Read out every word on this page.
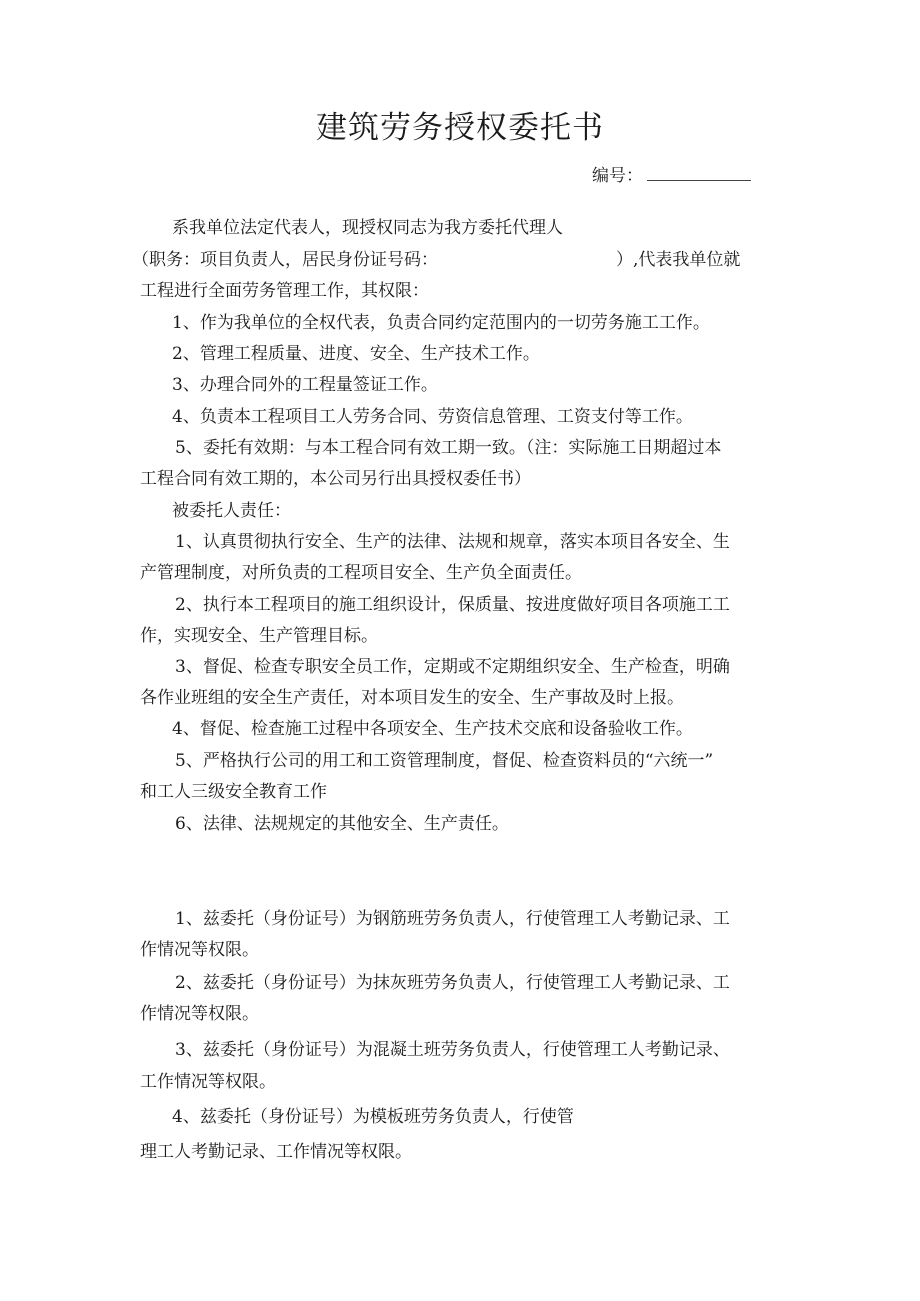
建筑劳务授权委托书
编号：
系我单位法定代表人，现授权同志为我方委托代理人
（职务：项目负责人，居民身份证号码：	）,代表我单位就
工程进行全面劳务管理工作，其权限：
1、作为我单位的全权代表，负责合同约定范围内的一切劳务施工工作。
2、管理工程质量、进度、安全、生产技术工作。
3、办理合同外的工程量签证工作。
4、负责本工程项目工人劳务合同、劳资信息管理、工资支付等工作。
5、委托有效期：与本工程合同有效工期一致。（注：实际施工日期超过本
工程合同有效工期的，本公司另行出具授权委任书）
被委托人责任：
1、认真贯彻执行安全、生产的法律、法规和规章，落实本项目各安全、生
产管理制度，对所负责的工程项目安全、生产负全面责任。
2、执行本工程项目的施工组织设计，保质量、按进度做好项目各项施工工
作，实现安全、生产管理目标。
3、督促、检查专职安全员工作，定期或不定期组织安全、生产检查，明确
各作业班组的安全生产责任，对本项目发生的安全、生产事故及时上报。
4、督促、检查施工过程中各项安全、生产技术交底和设备验收工作。
5、严格执行公司的用工和工资管理制度，督促、检查资料员的“六统一”
和工人三级安全教育工作
6、法律、法规规定的其他安全、生产责任。
1、兹委托（身份证号）为钢筋班劳务负责人，行使管理工人考勤记录、工
作情况等权限。
2、兹委托（身份证号）为抹灰班劳务负责人，行使管理工人考勤记录、工
作情况等权限。
3、兹委托（身份证号）为混凝土班劳务负责人，行使管理工人考勤记录、
工作情况等权限。
4、兹委托（身份证号）为模板班劳务负责人，行使管
理工人考勤记录、工作情况等权限。
